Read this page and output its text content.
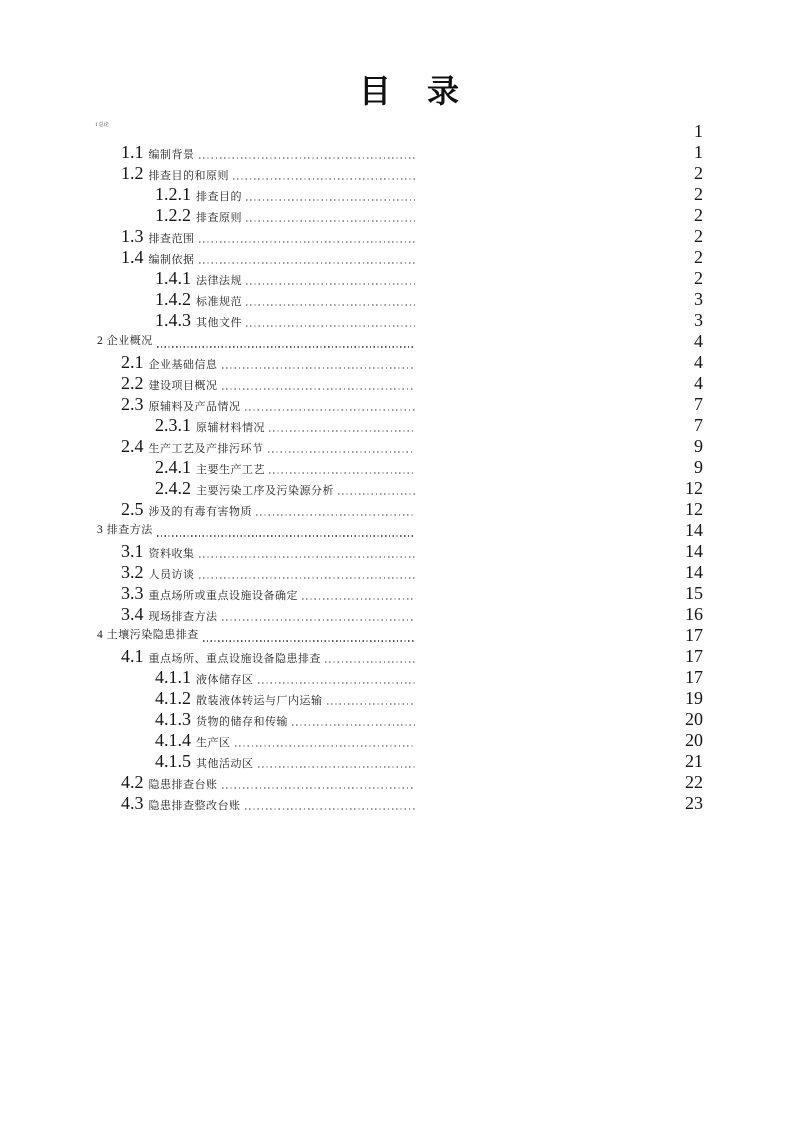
目 录
1 总论	1
1.1 编制背景	1
1.2 排查目的和原则	2
1.2.1 排查目的	2
1.2.2 排查原则	2
1.3 排查范围	2
1.4 编制依据	2
1.4.1 法律法规	2
1.4.2 标准规范	3
1.4.3 其他文件	3
2 企业概况	4
2.1 企业基础信息	4
2.2 建设项目概况	4
2.3 原辅料及产品情况	7
2.3.1 原辅材料情况	7
2.4 生产工艺及产排污环节	9
2.4.1 主要生产工艺	9
2.4.2 主要污染工序及污染源分析	12
2.5 涉及的有毒有害物质	12
3 排查方法	14
3.1 资料收集	14
3.2 人员访谈	14
3.3 重点场所或重点设施设备确定	15
3.4 现场排查方法	16
4 土壤污染隐患排查	17
4.1 重点场所、重点设施设备隐患排查	17
4.1.1 液体储存区	17
4.1.2 散装液体转运与厂内运输	19
4.1.3 货物的储存和传输	20
4.1.4 生产区	20
4.1.5 其他活动区	21
4.2 隐患排查台账	22
4.3 隐患排查整改台账	23
